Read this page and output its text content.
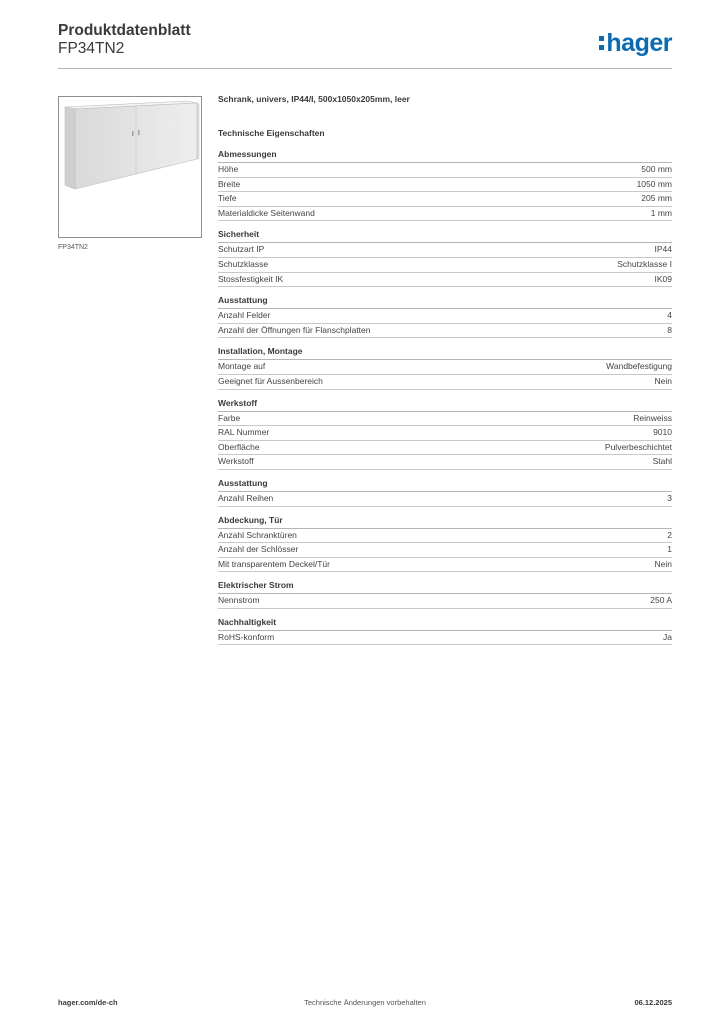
Produktdatenblatt
FP34TN2	hager
FP34TN2
Schrank, univers, IP44/I, 500x1050x205mm, leer
Technische Eigenschaften
Abmessungen
Höhe	500 mm
Breite	1050 mm
Tiefe	205 mm
Materialdicke Seitenwand	1 mm
Sicherheit
Schutzart IP	IP44
Schutzklasse	Schutzklasse I
Stossfestigkeit IK	IK09
Ausstattung
Anzahl Felder	4
Anzahl der Öffnungen für Flanschplatten	8
Installation, Montage
Montage auf	Wandbefestigung
Geeignet für Aussenbereich	Nein
Werkstoff
Farbe	Reinweiss
RAL Nummer	9010
Oberfläche	Pulverbeschichtet
Werkstoff	Stahl
Ausstattung
Anzahl Reihen	3
Abdeckung, Tür
Anzahl Schranktüren	2
Anzahl der Schlösser	1
Mit transparentem Deckel/Tür	Nein
Elektrischer Strom
Nennstrom	250 A
Nachhaltigkeit
RoHS-konform	Ja
hager.com/de-ch	Technische Änderungen vorbehalten	06.12.2025
